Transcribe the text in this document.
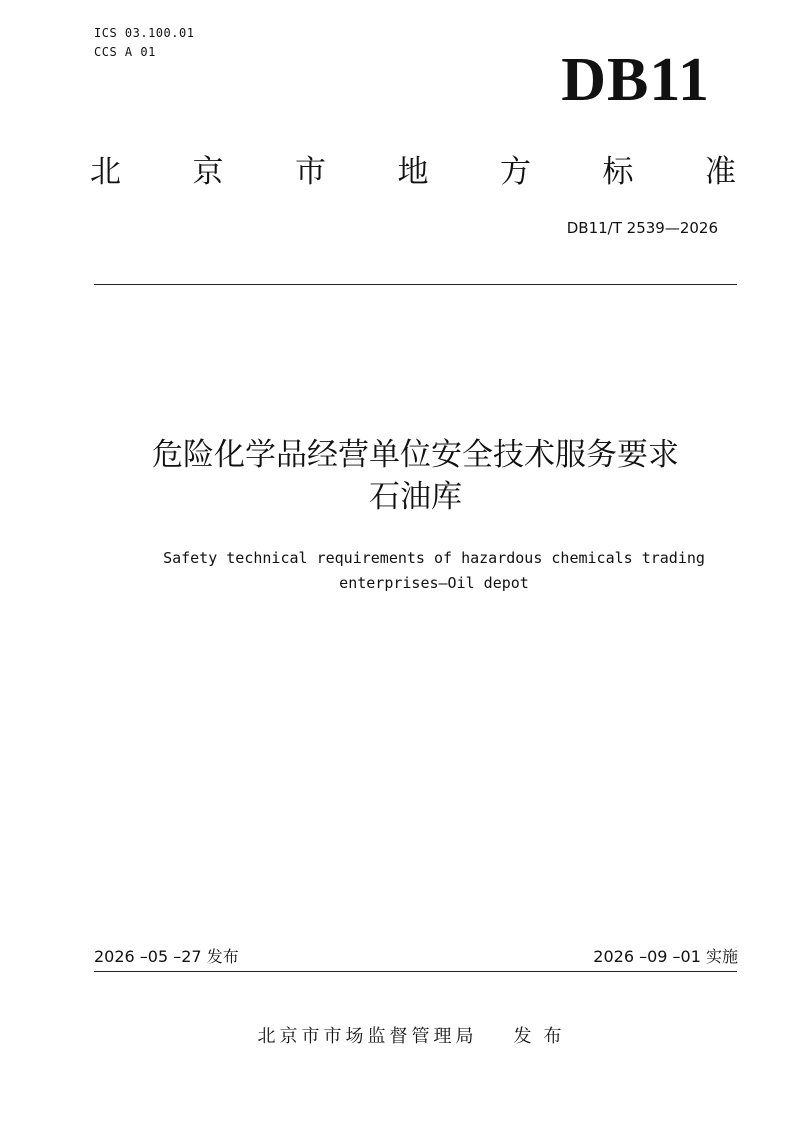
ICS 03.100.01
CCS A 01	DB11
北 京 市 地 方 标 准
DB11/T 2539—2026
危险化学品经营单位安全技术服务要求
石油库
Safety technical requirements of hazardous chemicals trading
enterprises—Oil depot
2026 –05 –27 发布	2026 –09 –01 实施
北京市市场监督管理局 发布
